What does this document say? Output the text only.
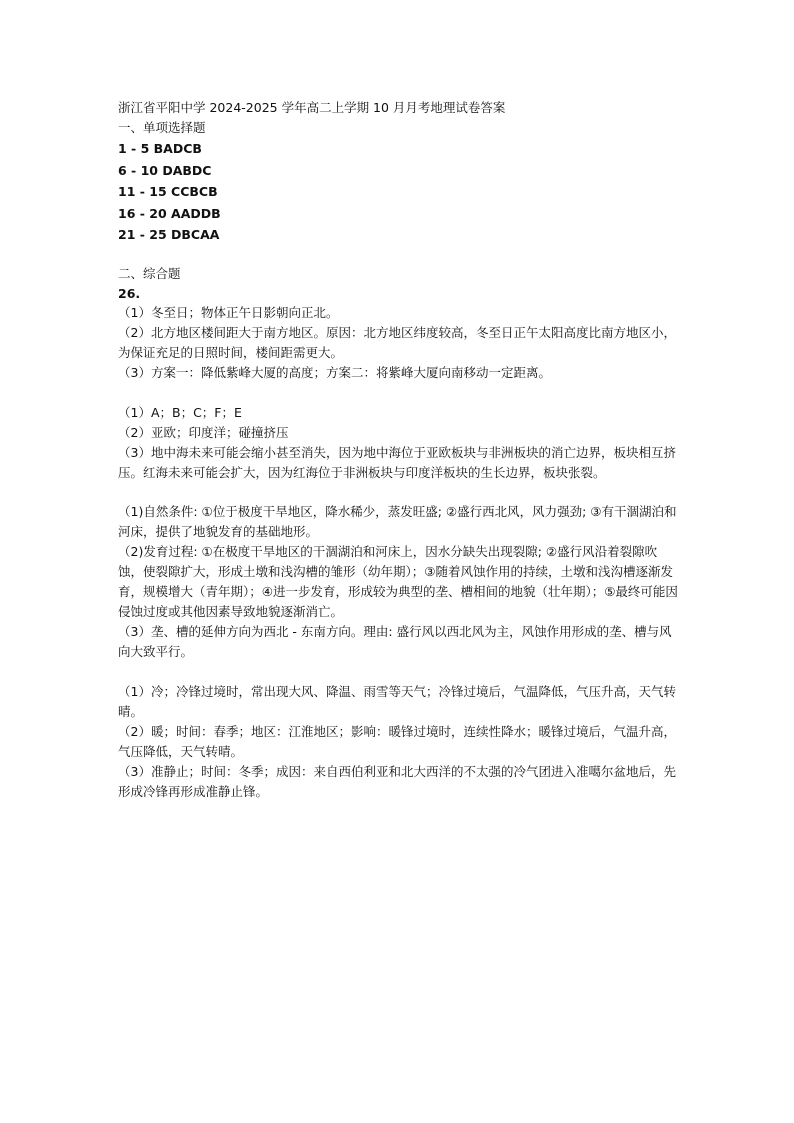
浙江省平阳中学 2024-2025 学年高二上学期 10 月月考地理试卷答案
一、单项选择题
1 - 5 BADCB
6 - 10 DABDC
11 - 15 CCBCB
16 - 20 AADDB
21 - 25 DBCAA
二、综合题
26.
（1）冬至日；物体正午日影朝向正北。
（2）北方地区楼间距大于南方地区。原因：北方地区纬度较高，冬至日正午太阳高度比南方地区小，为保证充足的日照时间，楼间距需更大。
（3）方案一：降低紫峰大厦的高度；方案二：将紫峰大厦向南移动一定距离。
（1）A；B；C；F；E
（2）亚欧；印度洋；碰撞挤压
（3）地中海未来可能会缩小甚至消失，因为地中海位于亚欧板块与非洲板块的消亡边界，板块相互挤压。红海未来可能会扩大，因为红海位于非洲板块与印度洋板块的生长边界，板块张裂。
（1)自然条件: ①位于极度干旱地区，降水稀少，蒸发旺盛; ②盛行西北风，风力强劲; ③有干涸湖泊和河床，提供了地貌发育的基础地形。
（2)发育过程: ①在极度干旱地区的干涸湖泊和河床上，因水分缺失出现裂隙; ②盛行风沿着裂隙吹蚀，使裂隙扩大，形成土墩和浅沟槽的雏形（幼年期）；③随着风蚀作用的持续，土墩和浅沟槽逐渐发育，规模增大（青年期）；④进一步发育，形成较为典型的垄、槽相间的地貌（壮年期）；⑤最终可能因侵蚀过度或其他因素导致地貌逐渐消亡。
（3）垄、槽的延伸方向为西北 - 东南方向。理由: 盛行风以西北风为主，风蚀作用形成的垄、槽与风向大致平行。
（1）冷；冷锋过境时，常出现大风、降温、雨雪等天气；冷锋过境后，气温降低，气压升高，天气转晴。
（2）暖；时间：春季；地区：江淮地区；影响：暖锋过境时，连续性降水；暖锋过境后，气温升高，气压降低，天气转晴。
（3）准静止；时间：冬季；成因：来自西伯利亚和北大西洋的不太强的冷气团进入准噶尔盆地后，先形成冷锋再形成准静止锋。
